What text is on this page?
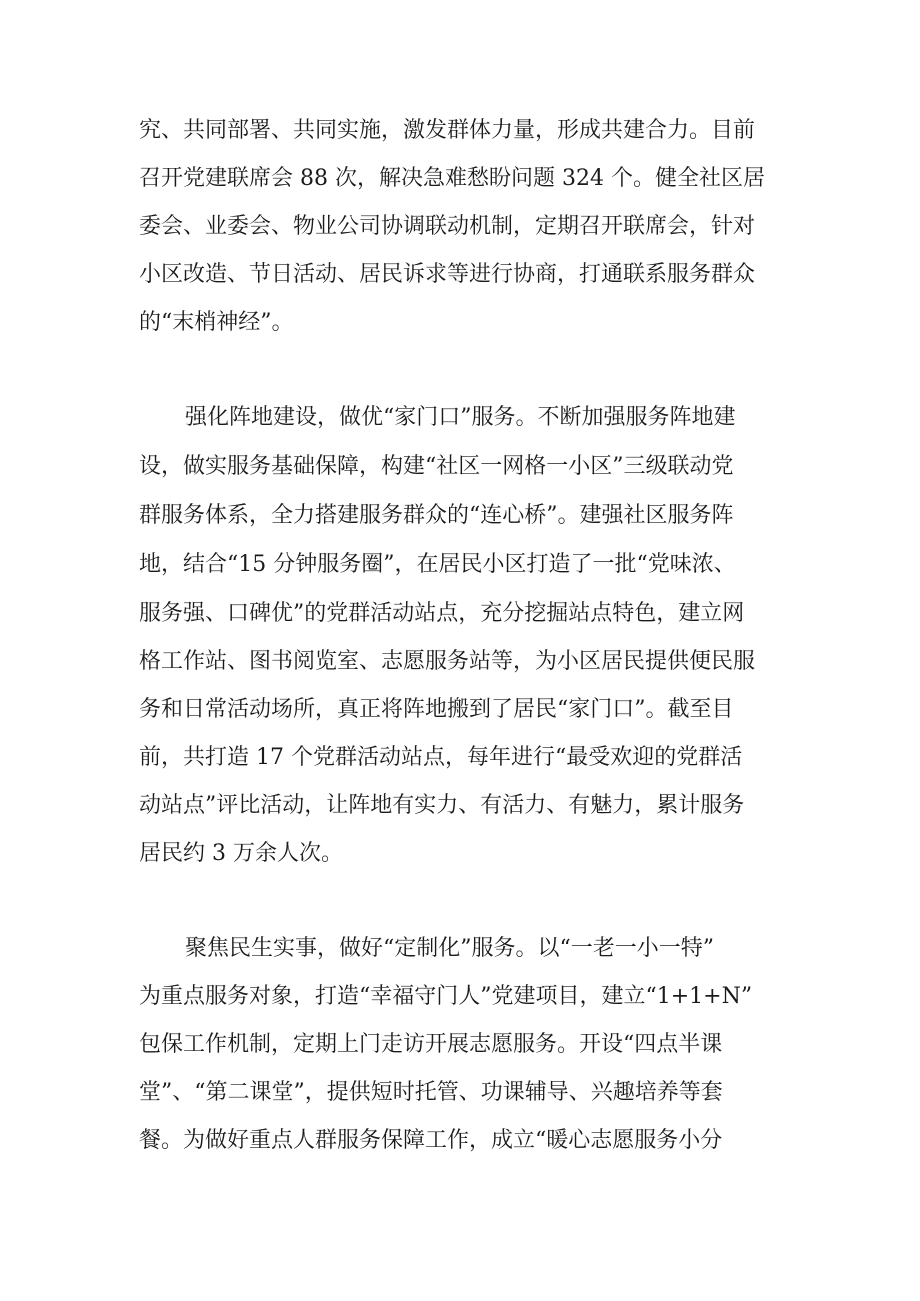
究、共同部署、共同实施，激发群体力量，形成共建合力。目前
召开党建联席会 88 次，解决急难愁盼问题 324 个。健全社区居
委会、业委会、物业公司协调联动机制，定期召开联席会，针对
小区改造、节日活动、居民诉求等进行协商，打通联系服务群众
的“末梢神经”。
强化阵地建设，做优“家门口”服务。不断加强服务阵地建
设，做实服务基础保障，构建“社区一网格一小区”三级联动党
群服务体系，全力搭建服务群众的“连心桥”。建强社区服务阵
地，结合“15 分钟服务圈”，在居民小区打造了一批“党味浓、
服务强、口碑优”的党群活动站点，充分挖掘站点特色，建立网
格工作站、图书阅览室、志愿服务站等，为小区居民提供便民服
务和日常活动场所，真正将阵地搬到了居民“家门口”。截至目
前，共打造 17 个党群活动站点，每年进行“最受欢迎的党群活
动站点”评比活动，让阵地有实力、有活力、有魅力，累计服务
居民约 3 万余人次。
聚焦民生实事，做好“定制化”服务。以“一老一小一特”
为重点服务对象，打造“幸福守门人”党建项目，建立“1+1+N”
包保工作机制，定期上门走访开展志愿服务。开设“四点半课
堂”、“第二课堂”，提供短时托管、功课辅导、兴趣培养等套
餐。为做好重点人群服务保障工作，成立“暖心志愿服务小分
